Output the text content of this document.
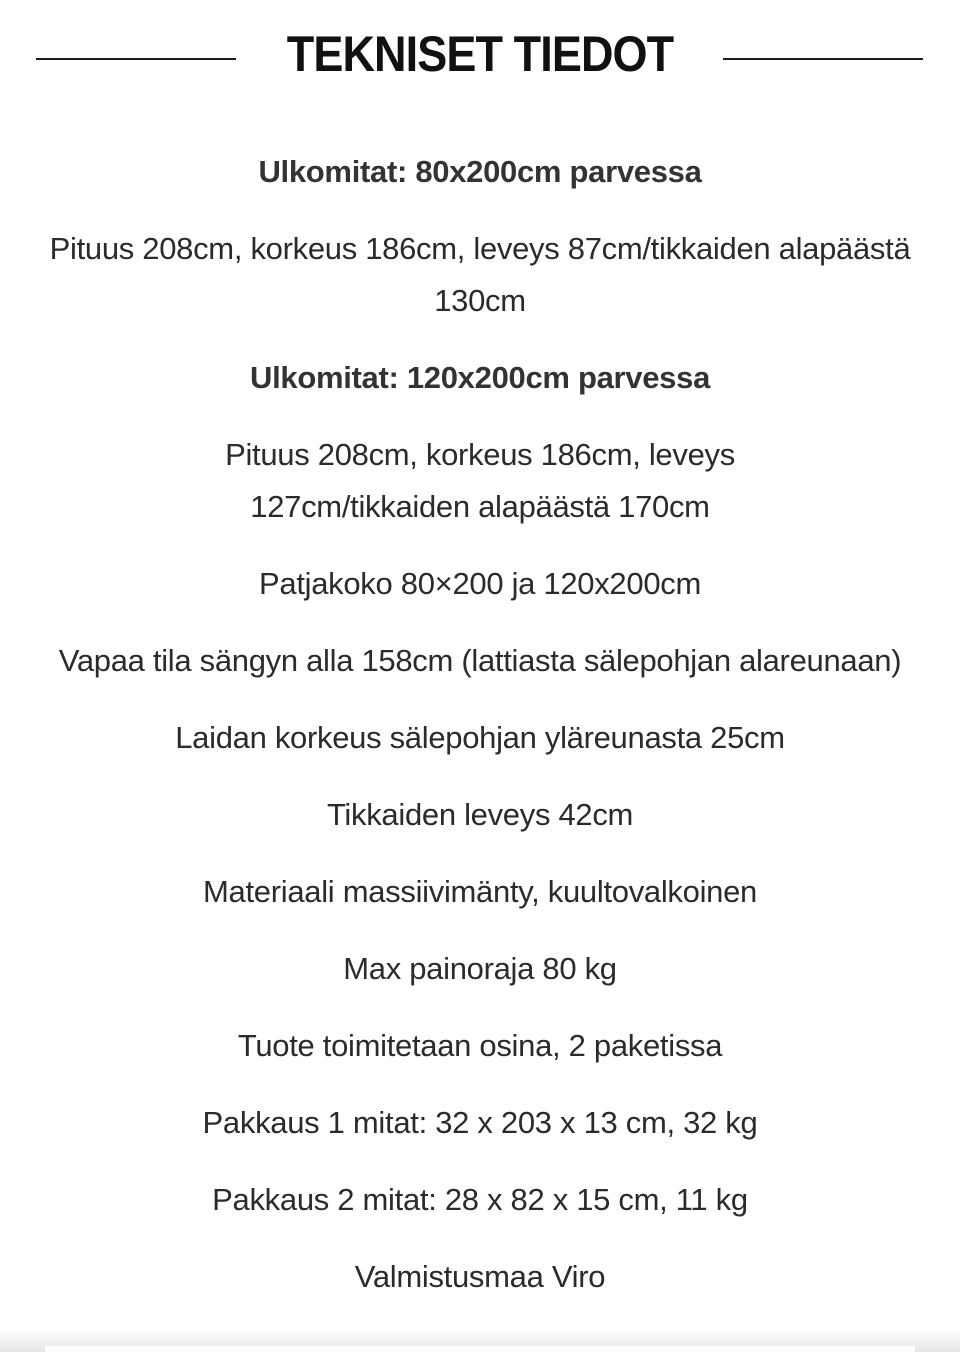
TEKNISET TIEDOT

Ulkomitat: 80x200cm parvessa

Pituus 208cm, korkeus 186cm, leveys 87cm/tikkaiden alapäästä 130cm

Ulkomitat: 120x200cm parvessa

Pituus 208cm, korkeus 186cm, leveys 127cm/tikkaiden alapäästä 170cm

Patjakoko 80×200 ja 120x200cm

Vapaa tila sängyn alla 158cm (lattiasta sälepohjan alareunaan)

Laidan korkeus sälepohjan yläreunasta 25cm

Tikkaiden leveys 42cm

Materiaali massiivimänty, kuultovalkoinen

Max painoraja 80 kg

Tuote toimitetaan osina, 2 paketissa

Pakkaus 1 mitat: 32 x 203 x 13 cm, 32 kg

Pakkaus 2 mitat: 28 x 82 x 15 cm, 11 kg

Valmistusmaa Viro
